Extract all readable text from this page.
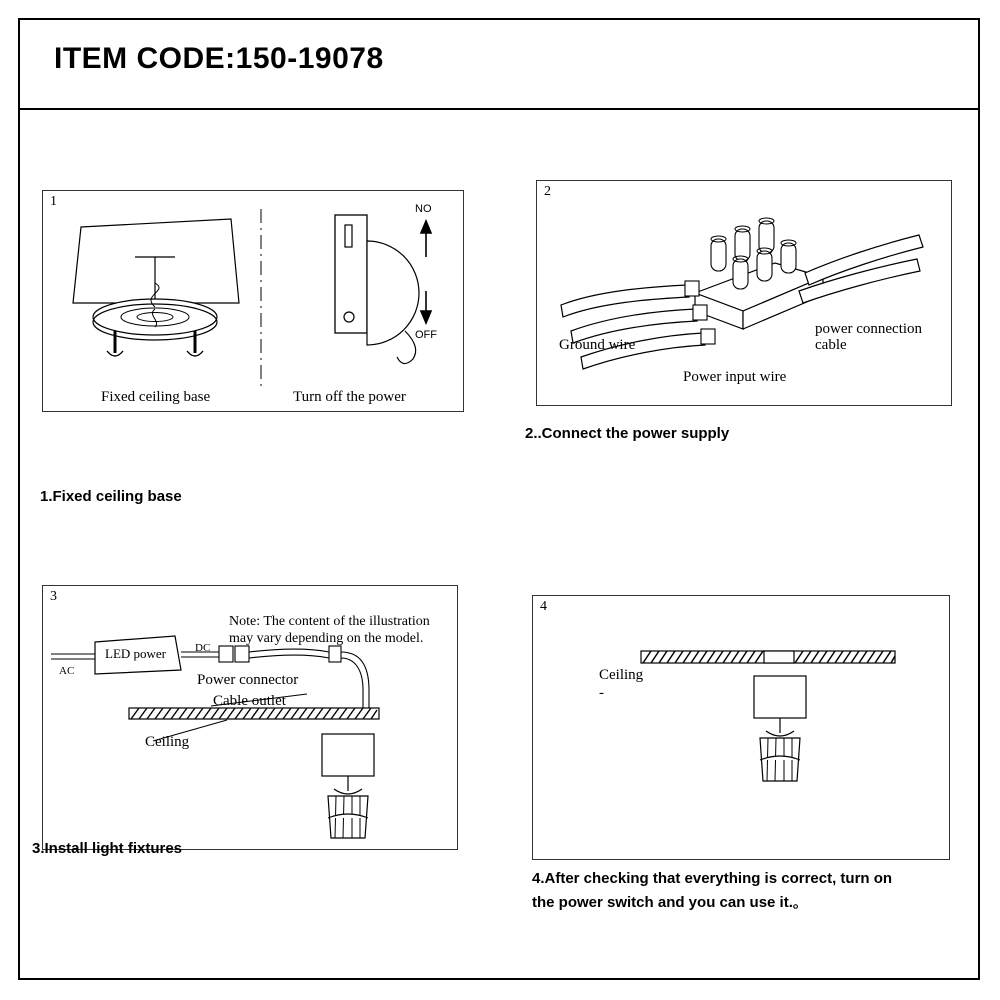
ITEM CODE:150-19078
1	NO
OFF
Fixed ceiling base	Turn off the power
1.Fixed ceiling base
2
Ground wire
Power input wire
power connection
cable
2..Connect the power supply
3
Note: The content of the illustration
may vary depending on the model.
LED power
AC
DC
Power connector
Cable outlet
Ceiling
3.Install light fixtures
4
Ceiling
-
4.After checking that everything is correct, turn on
the power switch and you can use it.。
